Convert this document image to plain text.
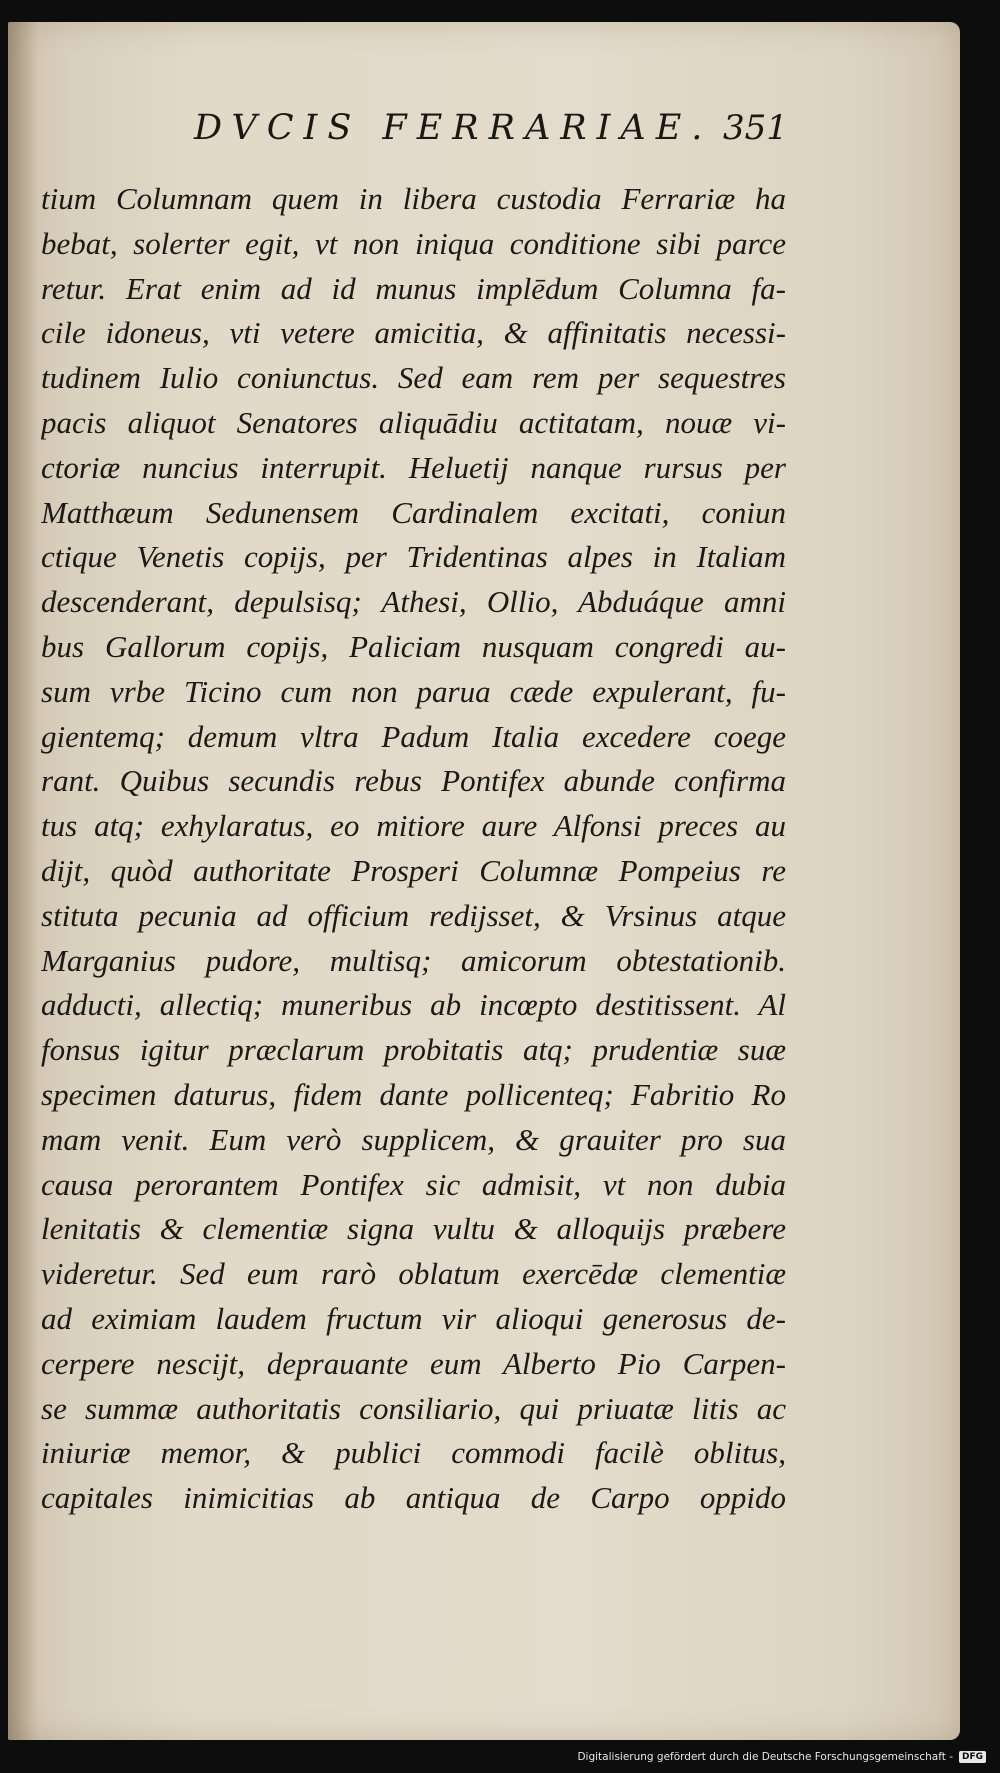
DVCIS FERRARIAE. 351
tium Columnam quem in libera custodia Ferrariæ ha
bebat, solerter egit, vt non iniqua conditione sibi parce
retur. Erat enim ad id munus implēdum Columna fa-
cile idoneus, vti vetere amicitia, & affinitatis necessi-
tudinem Iulio coniunctus. Sed eam rem per sequestres
pacis aliquot Senatores aliquādiu actitatam, nouæ vi-
ctoriæ nuncius interrupit. Heluetij nanque rursus per
Matthæum Sedunensem Cardinalem excitati, coniun
ctique Venetis copijs, per Tridentinas alpes in Italiam
descenderant, depulsisq; Athesi, Ollio, Abduáque amni
bus Gallorum copijs, Paliciam nusquam congredi au-
sum vrbe Ticino cum non parua cæde expulerant, fu-
gientemq; demum vltra Padum Italia excedere coege
rant. Quibus secundis rebus Pontifex abunde confirma
tus atq; exhylaratus, eo mitiore aure Alfonsi preces au
dijt, quòd authoritate Prosperi Columnæ Pompeius re
stituta pecunia ad officium redijsset, & Vrsinus atque
Marganius pudore, multisq; amicorum obtestationib.
adducti, allectiq; muneribus ab incœpto destitissent. Al
fonsus igitur præclarum probitatis atq; prudentiæ suæ
specimen daturus, fidem dante pollicenteq; Fabritio Ro
mam venit. Eum verò supplicem, & grauiter pro sua
causa perorantem Pontifex sic admisit, vt non dubia
lenitatis & clementiæ signa vultu & alloquijs præbere
videretur. Sed eum rarò oblatum exercēdæ clementiæ
ad eximiam laudem fructum vir alioqui generosus de-
cerpere nescijt, deprauante eum Alberto Pio Carpen-
se summæ authoritatis consiliario, qui priuatæ litis ac
iniuriæ memor, & publici commodi facilè oblitus,
capitales inimicitias ab antiqua de Carpo oppido
Digitalisierung gefördert durch die Deutsche Forschungsgemeinschaft -	DFG
